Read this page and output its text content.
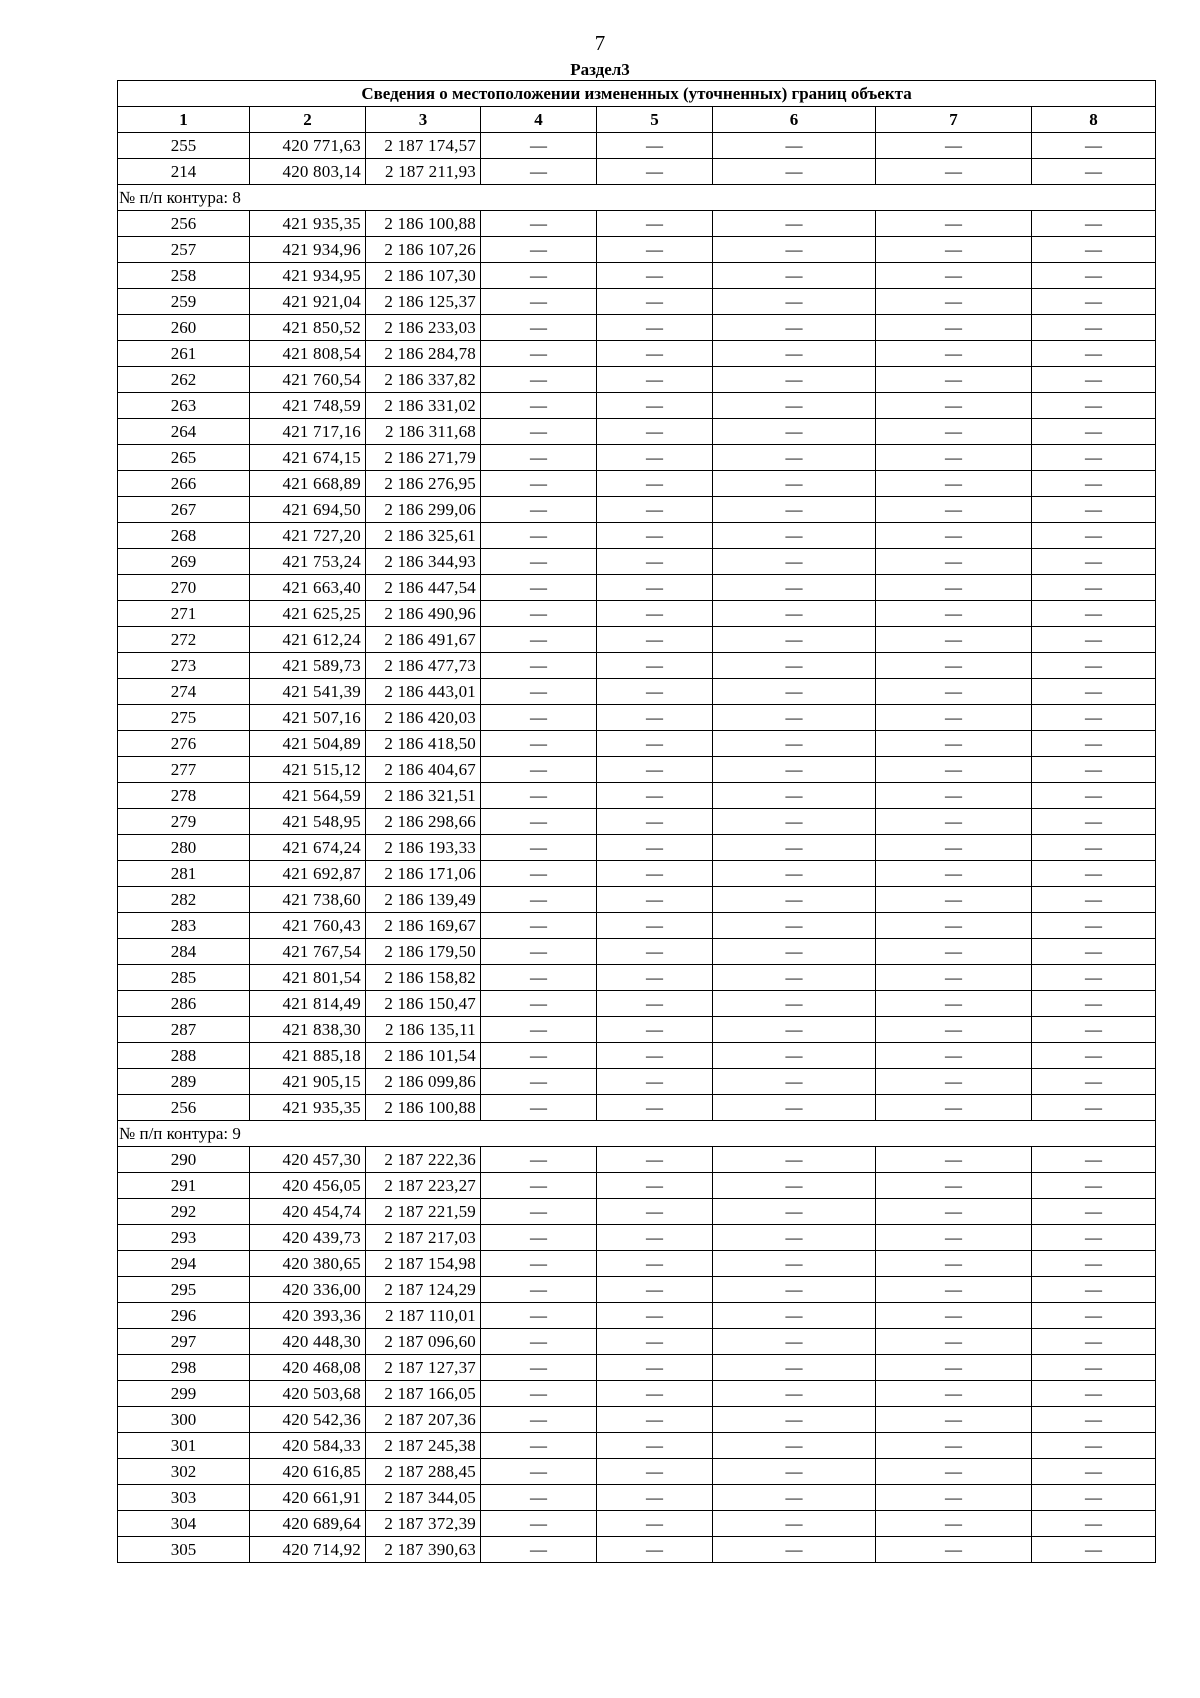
7
Раздел3
Сведения о местоположении измененных (уточненных) границ объекта							
1	2	3	4	5	6	7	8
255	420 771,63	2 187 174,57	—	—	—	—	—
214	420 803,14	2 187 211,93	—	—	—	—	—
№ п/п контура: 8							
256	421 935,35	2 186 100,88	—	—	—	—	—
257	421 934,96	2 186 107,26	—	—	—	—	—
258	421 934,95	2 186 107,30	—	—	—	—	—
259	421 921,04	2 186 125,37	—	—	—	—	—
260	421 850,52	2 186 233,03	—	—	—	—	—
261	421 808,54	2 186 284,78	—	—	—	—	—
262	421 760,54	2 186 337,82	—	—	—	—	—
263	421 748,59	2 186 331,02	—	—	—	—	—
264	421 717,16	2 186 311,68	—	—	—	—	—
265	421 674,15	2 186 271,79	—	—	—	—	—
266	421 668,89	2 186 276,95	—	—	—	—	—
267	421 694,50	2 186 299,06	—	—	—	—	—
268	421 727,20	2 186 325,61	—	—	—	—	—
269	421 753,24	2 186 344,93	—	—	—	—	—
270	421 663,40	2 186 447,54	—	—	—	—	—
271	421 625,25	2 186 490,96	—	—	—	—	—
272	421 612,24	2 186 491,67	—	—	—	—	—
273	421 589,73	2 186 477,73	—	—	—	—	—
274	421 541,39	2 186 443,01	—	—	—	—	—
275	421 507,16	2 186 420,03	—	—	—	—	—
276	421 504,89	2 186 418,50	—	—	—	—	—
277	421 515,12	2 186 404,67	—	—	—	—	—
278	421 564,59	2 186 321,51	—	—	—	—	—
279	421 548,95	2 186 298,66	—	—	—	—	—
280	421 674,24	2 186 193,33	—	—	—	—	—
281	421 692,87	2 186 171,06	—	—	—	—	—
282	421 738,60	2 186 139,49	—	—	—	—	—
283	421 760,43	2 186 169,67	—	—	—	—	—
284	421 767,54	2 186 179,50	—	—	—	—	—
285	421 801,54	2 186 158,82	—	—	—	—	—
286	421 814,49	2 186 150,47	—	—	—	—	—
287	421 838,30	2 186 135,11	—	—	—	—	—
288	421 885,18	2 186 101,54	—	—	—	—	—
289	421 905,15	2 186 099,86	—	—	—	—	—
256	421 935,35	2 186 100,88	—	—	—	—	—
№ п/п контура: 9							
290	420 457,30	2 187 222,36	—	—	—	—	—
291	420 456,05	2 187 223,27	—	—	—	—	—
292	420 454,74	2 187 221,59	—	—	—	—	—
293	420 439,73	2 187 217,03	—	—	—	—	—
294	420 380,65	2 187 154,98	—	—	—	—	—
295	420 336,00	2 187 124,29	—	—	—	—	—
296	420 393,36	2 187 110,01	—	—	—	—	—
297	420 448,30	2 187 096,60	—	—	—	—	—
298	420 468,08	2 187 127,37	—	—	—	—	—
299	420 503,68	2 187 166,05	—	—	—	—	—
300	420 542,36	2 187 207,36	—	—	—	—	—
301	420 584,33	2 187 245,38	—	—	—	—	—
302	420 616,85	2 187 288,45	—	—	—	—	—
303	420 661,91	2 187 344,05	—	—	—	—	—
304	420 689,64	2 187 372,39	—	—	—	—	—
305	420 714,92	2 187 390,63	—	—	—	—	—
